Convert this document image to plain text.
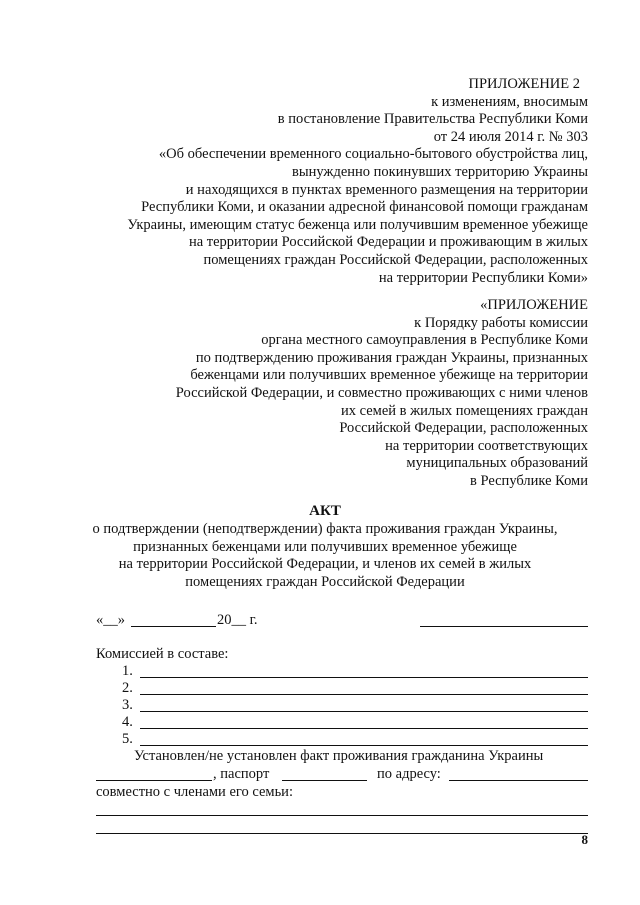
ПРИЛОЖЕНИЕ 2
к изменениям, вносимым
в постановление Правительства Республики Коми
от 24 июля 2014 г. № 303
«Об обеспечении временного социально-бытового обустройства лиц,
вынужденно покинувших территорию Украины
и находящихся в пунктах временного размещения на территории
Республики Коми, и оказании адресной финансовой помощи гражданам
Украины, имеющим статус беженца или получившим временное убежище
на территории Российской Федерации и проживающим в жилых
помещениях граждан Российской Федерации, расположенных
на территории Республики Коми»
«ПРИЛОЖЕНИЕ
к Порядку работы комиссии
органа местного самоуправления в Республике Коми
по подтверждению проживания граждан Украины, признанных
беженцами или получивших временное убежище на территории
Российской Федерации, и совместно проживающих с ними членов
их семей в жилых помещениях граждан
Российской Федерации, расположенных
на территории соответствующих
муниципальных образований
в Республике Коми
АКТ
о подтверждении (неподтверждении) факта проживания граждан Украины,
признанных беженцами или получивших временное убежище
на территории Российской Федерации, и членов их семей в жилых
помещениях граждан Российской Федерации
«__»	20__ г.
Комиссией в составе:
1.
2.
3.
4.
5.
Установлен/не установлен факт проживания гражданина Украины
, паспорт	по адресу:
совместно с членами его семьи:
8
